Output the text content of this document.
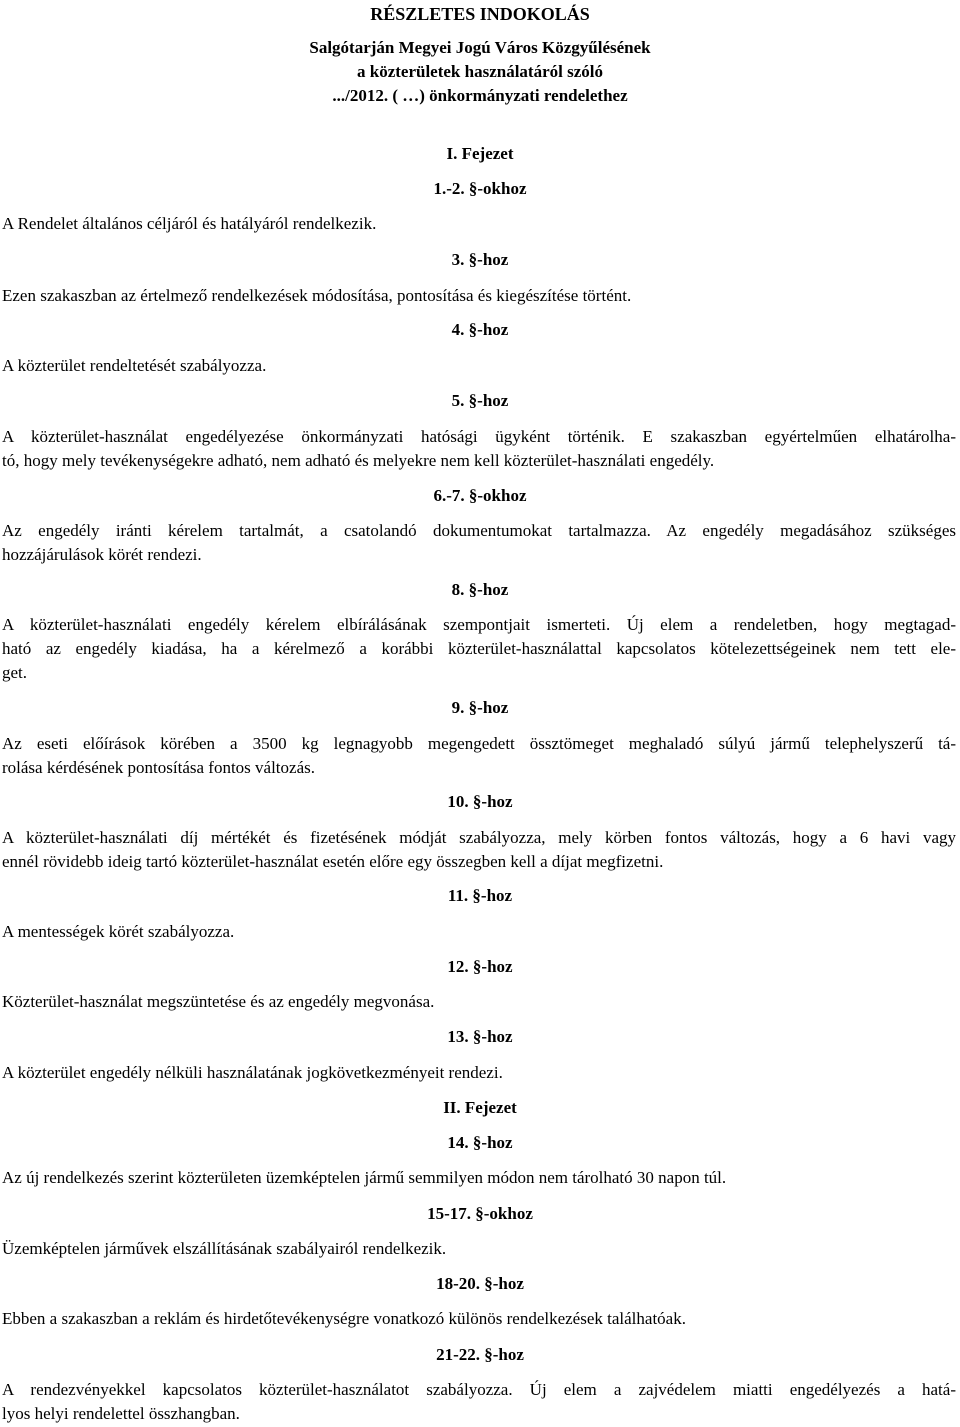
RÉSZLETES INDOKOLÁS
Salgótarján Megyei Jogú Város Közgyűlésének
a közterületek használatáról szóló
.../2012. ( …) önkormányzati rendelethez
I. Fejezet
1.-2. §-okhoz
A Rendelet általános céljáról és hatályáról rendelkezik.
3. §-hoz
Ezen szakaszban az értelmező rendelkezések módosítása, pontosítása és kiegészítése történt.
4. §-hoz
A közterület rendeltetését szabályozza.
5. §-hoz
A közterület-használat engedélyezése önkormányzati hatósági ügyként történik. E szakaszban egyértelműen elhatárolha-
tó, hogy mely tevékenységekre adható, nem adható és melyekre nem kell közterület-használati engedély.
6.-7. §-okhoz
Az engedély iránti kérelem tartalmát, a csatolandó dokumentumokat tartalmazza. Az engedély megadásához szükséges
hozzájárulások körét rendezi.
8. §-hoz
A közterület-használati engedély kérelem elbírálásának szempontjait ismerteti. Új elem a rendeletben, hogy megtagad-
ható az engedély kiadása, ha a kérelmező a korábbi közterület-használattal kapcsolatos kötelezettségeinek nem tett ele-
get.
9. §-hoz
Az eseti előírások körében a 3500 kg legnagyobb megengedett össztömeget meghaladó súlyú jármű telephelyszerű tá-
rolása kérdésének pontosítása fontos változás.
10. §-hoz
A közterület-használati díj mértékét és fizetésének módját szabályozza, mely körben fontos változás, hogy a 6 havi vagy
ennél rövidebb ideig tartó közterület-használat esetén előre egy összegben kell a díjat megfizetni.
11. §-hoz
A mentességek körét szabályozza.
12. §-hoz
Közterület-használat megszüntetése és az engedély megvonása.
13. §-hoz
A közterület engedély nélküli használatának jogkövetkezményeit rendezi.
II. Fejezet
14. §-hoz
Az új rendelkezés szerint közterületen üzemképtelen jármű semmilyen módon nem tárolható 30 napon túl.
15-17. §-okhoz
Üzemképtelen járművek elszállításának szabályairól rendelkezik.
18-20. §-hoz
Ebben a szakaszban a reklám és hirdetőtevékenységre vonatkozó különös rendelkezések találhatóak.
21-22. §-hoz
A rendezvényekkel kapcsolatos közterület-használatot szabályozza. Új elem a zajvédelem miatti engedélyezés a hatá-
lyos helyi rendelettel összhangban.
